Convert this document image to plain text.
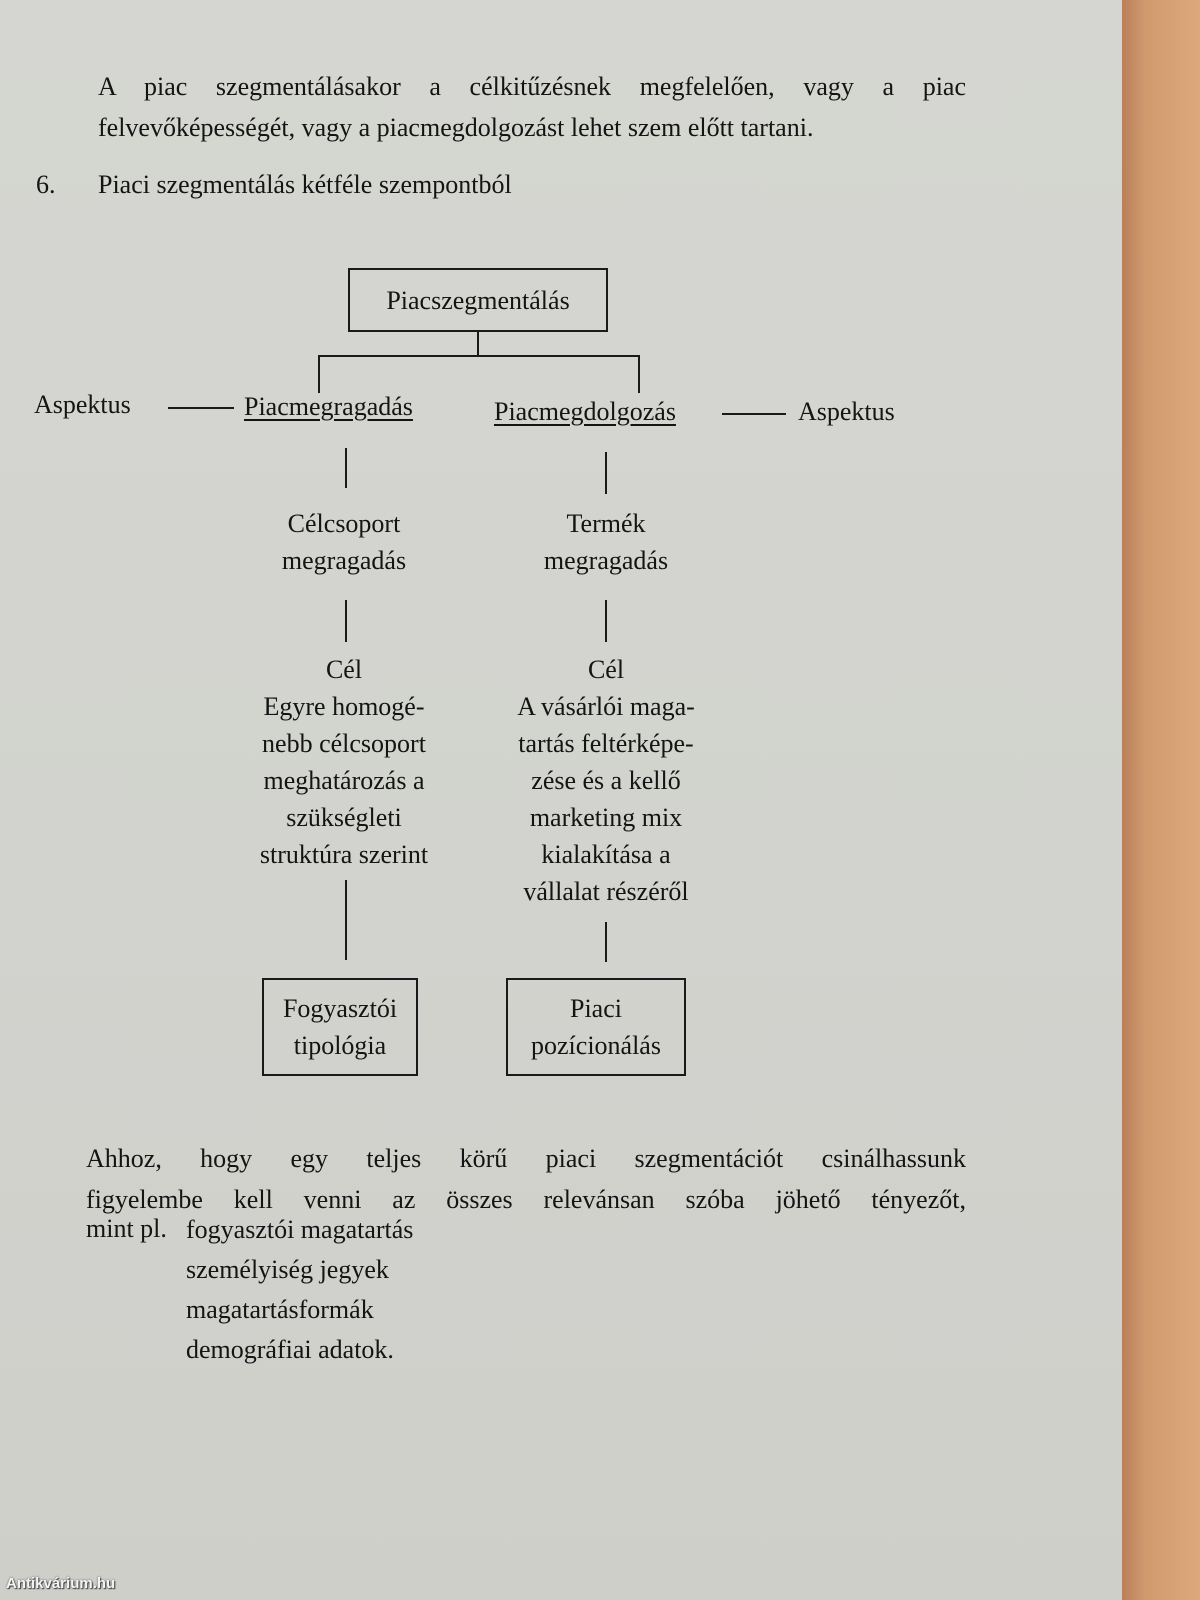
A piac szegmentálásakor a célkitűzésnek megfelelően, vagy a piac
felvevőképességét, vagy a piacmegdolgozást lehet szem előtt tartani.
6. Piaci szegmentálás kétféle szempontból
Piacszegmentálás
Aspektus	Piacmegragadás	Piacmegdolgozás	Aspektus
Célcsoport
megragadás
Cél
Egyre homogé-
nebb célcsoport
meghatározás a
szükségleti
struktúra szerint
Fogyasztói
tipológia
Termék
megragadás
Cél
A vásárlói maga-
tartás feltérképe-
zése és a kellő
marketing mix
kialakítása a
vállalat részéről
Piaci
pozícionálás
Ahhoz, hogy egy teljes körű piaci szegmentációt csinálhassunk
figyelembe kell venni az összes relevánsan szóba jöhető tényezőt,
mint pl. fogyasztói magatartás
személyiség jegyek
magatartásformák
demográfiai adatok.
Antikvárium.hu
